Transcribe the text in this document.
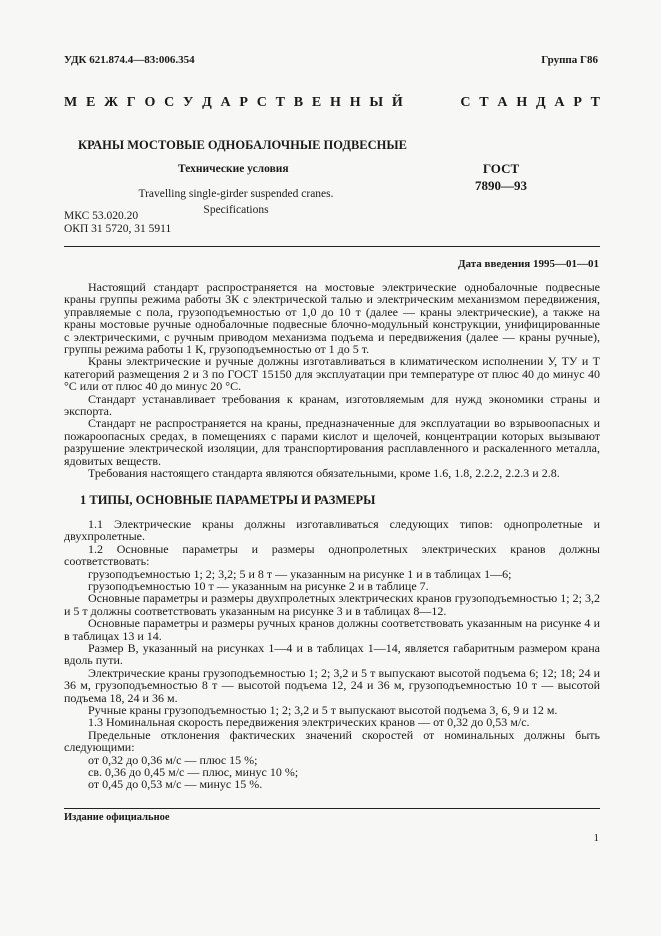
УДК 621.874.4—83:006.354	Группа Г86
М Е Ж Г О С У Д А Р С Т В Е Н Н Ы Й	С Т А Н Д А Р Т
КРАНЫ МОСТОВЫЕ ОДНОБАЛОЧНЫЕ ПОДВЕСНЫЕ
Технические условия
Travelling single-girder suspended cranes.
Specifications
ГОСТ
7890—93
МКС 53.020.20
ОКП 31 5720, 31 5911
Дата введения 1995—01—01

Настоящий стандарт распространяется на мостовые электрические однобалочные подвесные краны группы режима работы 3К с электрической талью и электрическим механизмом передвижения, управляемые с пола, грузоподъемностью от 1,0 до 10 т (далее — краны электрические), а также на краны мостовые ручные однобалочные подвесные блочно-модульный конструкции, унифицированные с электрическими, с ручным приводом механизма подъема и передвижения (далее — краны ручные), группы режима работы 1 К, грузоподъемностью от 1 до 5 т.

Краны электрические и ручные должны изготавливаться в климатическом исполнении У, ТУ и Т категорий размещения 2 и 3 по ГОСТ 15150 для эксплуатации при температуре от плюс 40 до минус 40 °С или от плюс 40 до минус 20 °С.

Стандарт устанавливает требования к кранам, изготовляемым для нужд экономики страны и экспорта.

Стандарт не распространяется на краны, предназначенные для эксплуатации во взрывоопасных и пожароопасных средах, в помещениях с парами кислот и щелочей, концентрации которых вызывают разрушение электрической изоляции, для транспортирования расплавленного и раскаленного металла, ядовитых веществ.

Требования настоящего стандарта являются обязательными, кроме 1.6, 1.8, 2.2.2, 2.2.3 и 2.8.

1 ТИПЫ, ОСНОВНЫЕ ПАРАМЕТРЫ И РАЗМЕРЫ

1.1 Электрические краны должны изготавливаться следующих типов: однопролетные и двухпролетные.

1.2 Основные параметры и размеры однопролетных электрических кранов должны соответствовать:

грузоподъемностью 1; 2; 3,2; 5 и 8 т — указанным на рисунке 1 и в таблицах 1—6;

грузоподъемностью 10 т — указанным на рисунке 2 и в таблице 7.

Основные параметры и размеры двухпролетных электрических кранов грузоподъемностью 1; 2; 3,2 и 5 т должны соответствовать указанным на рисунке 3 и в таблицах 8—12.

Основные параметры и размеры ручных кранов должны соответствовать указанным на рисунке 4 и в таблицах 13 и 14.

Размер В, указанный на рисунках 1—4 и в таблицах 1—14, является габаритным размером крана вдоль пути.

Электрические краны грузоподъемностью 1; 2; 3,2 и 5 т выпускают высотой подъема 6; 12; 18; 24 и 36 м, грузоподъемностью 8 т — высотой подъема 12, 24 и 36 м, грузоподъемностью 10 т — высотой подъема 18, 24 и 36 м.

Ручные краны грузоподъемностью 1; 2; 3,2 и 5 т выпускают высотой подъема 3, 6, 9 и 12 м.

1.3 Номинальная скорость передвижения электрических кранов — от 0,32 до 0,53 м/с.

Предельные отклонения фактических значений скоростей от номинальных должны быть следующими:

от 0,32 до 0,36 м/с — плюс 15 %;

св. 0,36 до 0,45 м/с — плюс, минус 10 %;

от 0,45 до 0,53 м/с — минус 15 %.

Издание официальное
1
